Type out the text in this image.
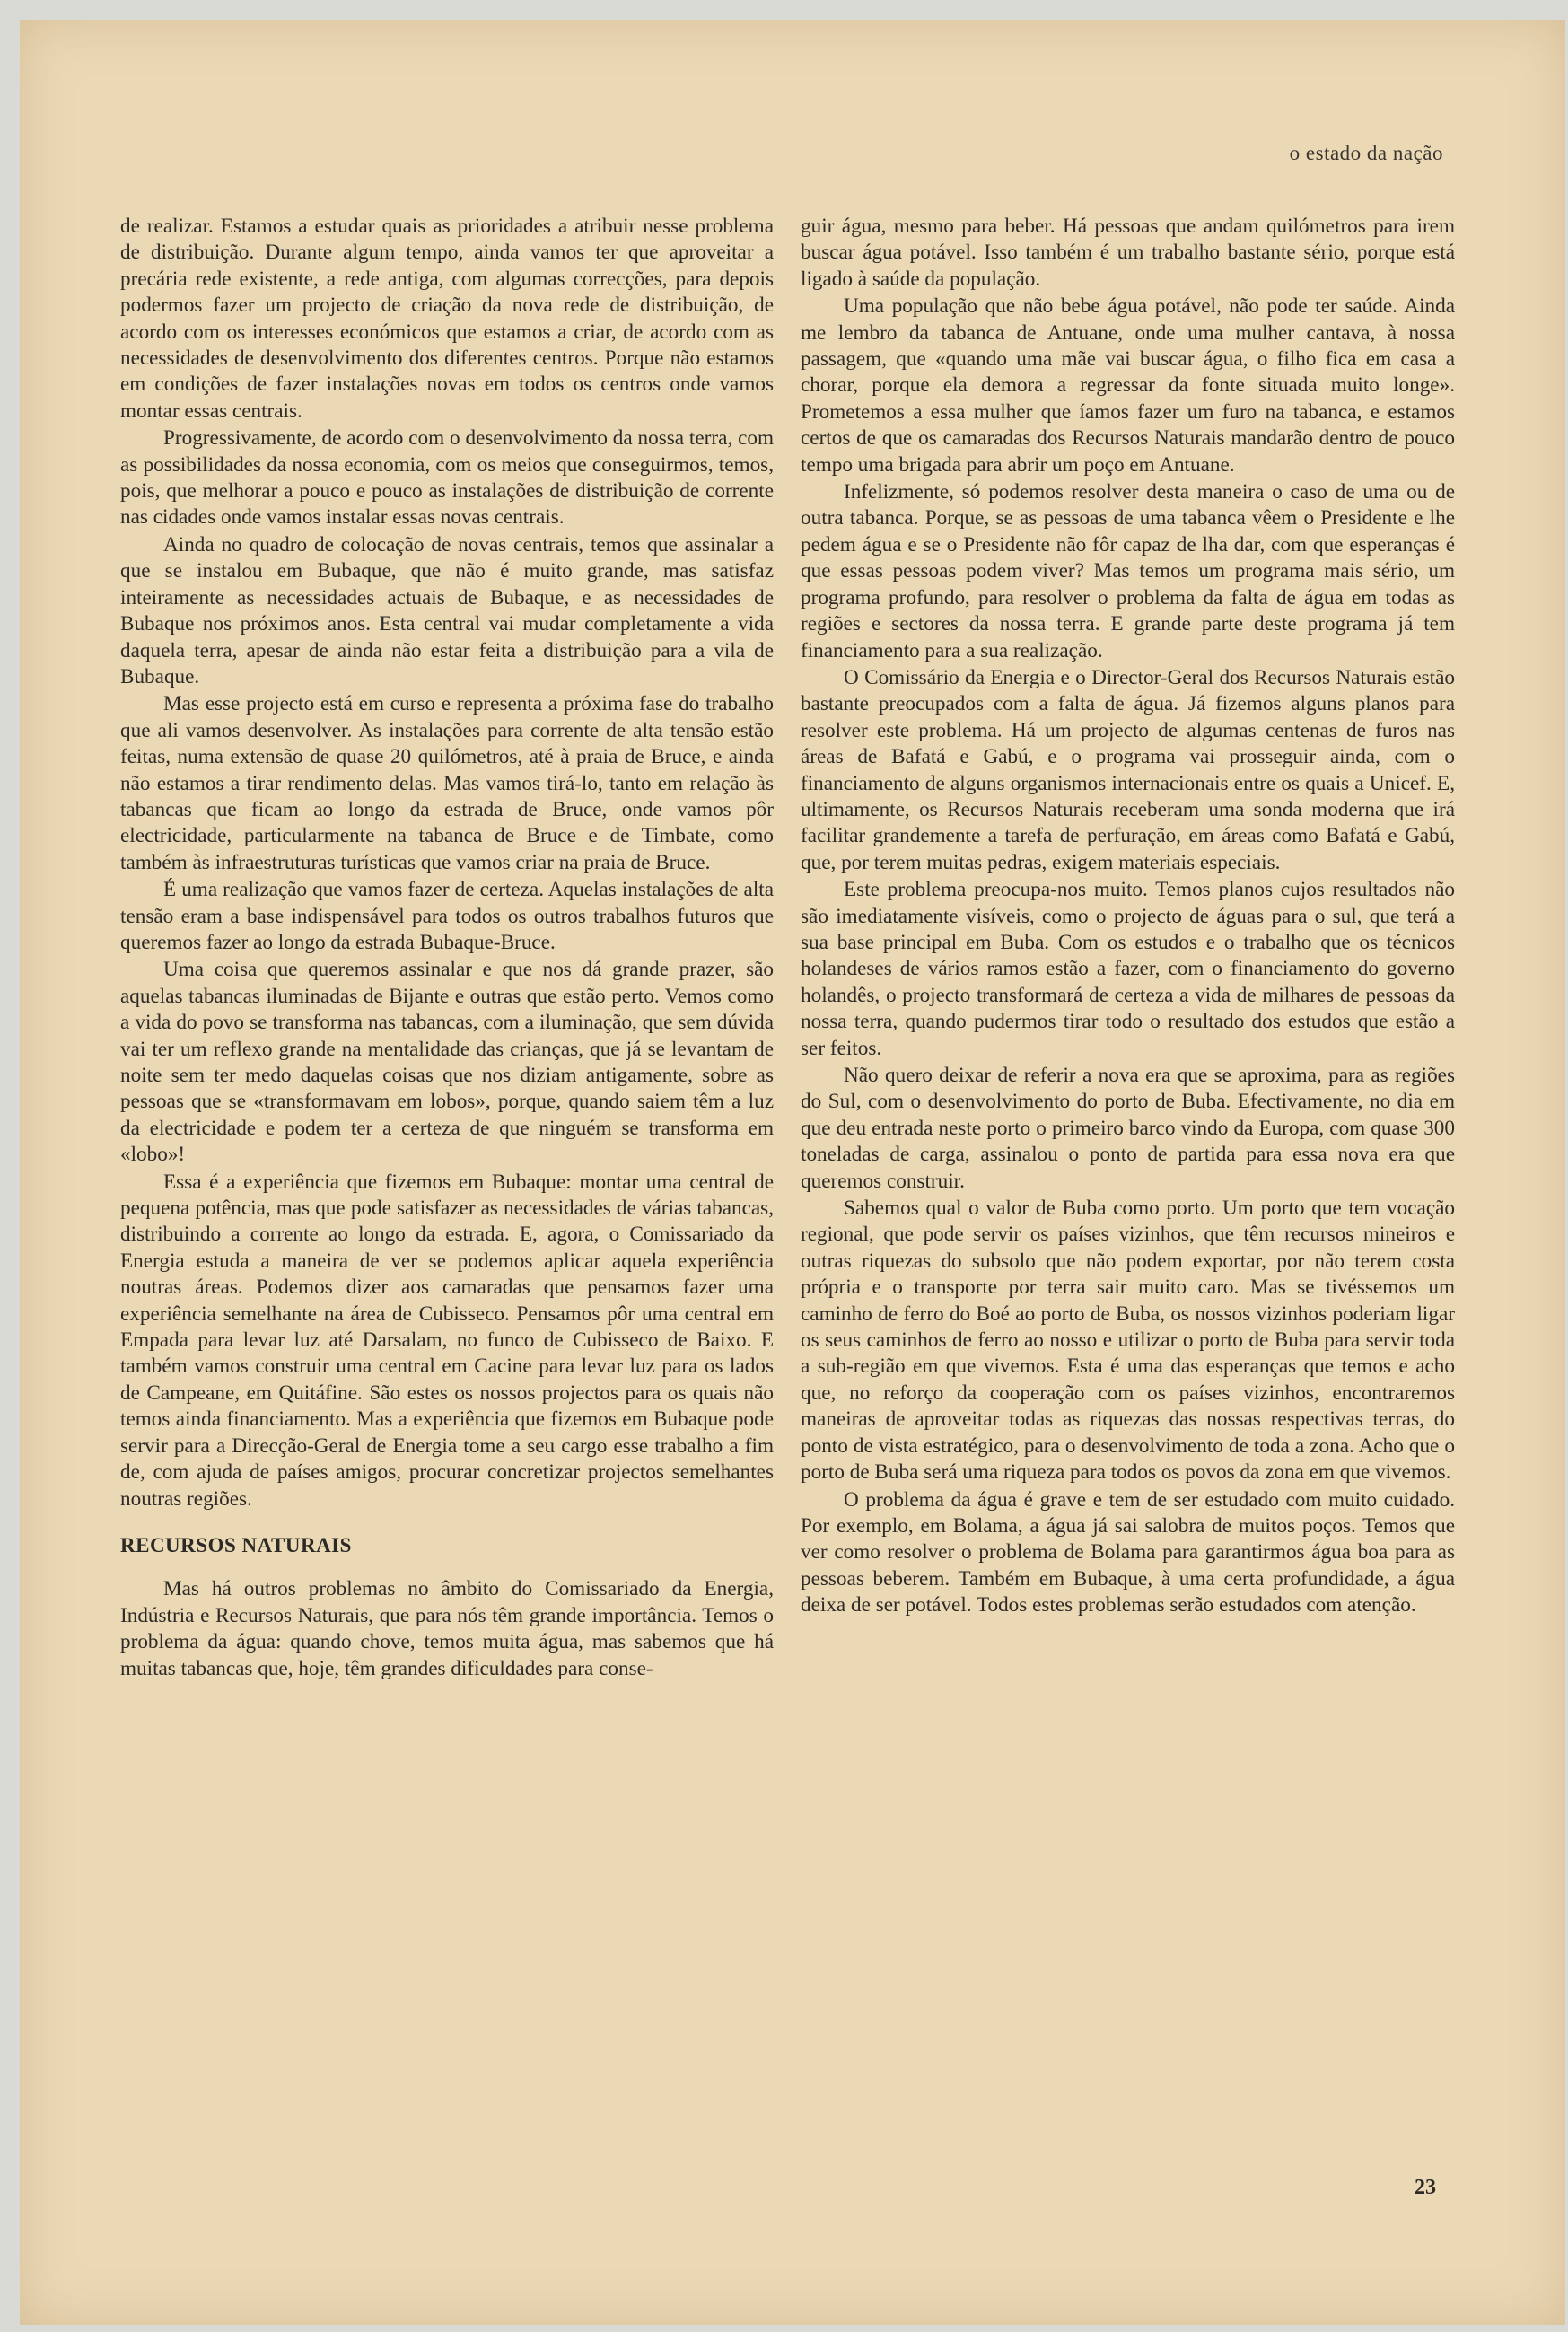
o estado da nação

de realizar. Estamos a estudar quais as prioridades a atribuir nesse problema de distribuição. Durante algum tempo, ainda vamos ter que aproveitar a precária rede existente, a rede antiga, com algumas correcções, para depois podermos fazer um projecto de criação da nova rede de distribuição, de acordo com os interesses económicos que estamos a criar, de acordo com as necessidades de desenvolvimento dos diferentes centros. Porque não estamos em condições de fazer instalações novas em todos os centros onde vamos montar essas centrais.

Progressivamente, de acordo com o desenvolvimento da nossa terra, com as possibilidades da nossa economia, com os meios que conseguirmos, temos, pois, que melhorar a pouco e pouco as instalações de distribuição de corrente nas cidades onde vamos instalar essas novas centrais.

Ainda no quadro de colocação de novas centrais, temos que assinalar a que se instalou em Bubaque, que não é muito grande, mas satisfaz inteiramente as necessidades actuais de Bubaque, e as necessidades de Bubaque nos próximos anos. Esta central vai mudar completamente a vida daquela terra, apesar de ainda não estar feita a distribuição para a vila de Bubaque.

Mas esse projecto está em curso e representa a próxima fase do trabalho que ali vamos desenvolver. As instalações para corrente de alta tensão estão feitas, numa extensão de quase 20 quilómetros, até à praia de Bruce, e ainda não estamos a tirar rendimento delas. Mas vamos tirá-lo, tanto em relação às tabancas que ficam ao longo da estrada de Bruce, onde vamos pôr electricidade, particularmente na tabanca de Bruce e de Timbate, como também às infraestruturas turísticas que vamos criar na praia de Bruce.

É uma realização que vamos fazer de certeza. Aquelas instalações de alta tensão eram a base indispensável para todos os outros trabalhos futuros que queremos fazer ao longo da estrada Bubaque-Bruce.

Uma coisa que queremos assinalar e que nos dá grande prazer, são aquelas tabancas iluminadas de Bijante e outras que estão perto. Vemos como a vida do povo se transforma nas tabancas, com a iluminação, que sem dúvida vai ter um reflexo grande na mentalidade das crianças, que já se levantam de noite sem ter medo daquelas coisas que nos diziam antigamente, sobre as pessoas que se «transformavam em lobos», porque, quando saiem têm a luz da electricidade e podem ter a certeza de que ninguém se transforma em «lobo»!

Essa é a experiência que fizemos em Bubaque: montar uma central de pequena potência, mas que pode satisfazer as necessidades de várias tabancas, distribuindo a corrente ao longo da estrada. E, agora, o Comissariado da Energia estuda a maneira de ver se podemos aplicar aquela experiência noutras áreas. Podemos dizer aos camaradas que pensamos fazer uma experiência semelhante na área de Cubisseco. Pensamos pôr uma central em Empada para levar luz até Darsalam, no funco de Cubisseco de Baixo. E também vamos construir uma central em Cacine para levar luz para os lados de Campeane, em Quitáfine. São estes os nossos projectos para os quais não temos ainda financiamento. Mas a experiência que fizemos em Bubaque pode servir para a Direcção-Geral de Energia tome a seu cargo esse trabalho a fim de, com ajuda de países amigos, procurar concretizar projectos semelhantes noutras regiões.

RECURSOS NATURAIS

Mas há outros problemas no âmbito do Comissariado da Energia, Indústria e Recursos Naturais, que para nós têm grande importância. Temos o problema da água: quando chove, temos muita água, mas sabemos que há muitas tabancas que, hoje, têm grandes dificuldades para conse-

guir água, mesmo para beber. Há pessoas que andam quilómetros para irem buscar água potável. Isso também é um trabalho bastante sério, porque está ligado à saúde da população.

Uma população que não bebe água potável, não pode ter saúde. Ainda me lembro da tabanca de Antuane, onde uma mulher cantava, à nossa passagem, que «quando uma mãe vai buscar água, o filho fica em casa a chorar, porque ela demora a regressar da fonte situada muito longe». Prometemos a essa mulher que íamos fazer um furo na tabanca, e estamos certos de que os camaradas dos Recursos Naturais mandarão dentro de pouco tempo uma brigada para abrir um poço em Antuane.

Infelizmente, só podemos resolver desta maneira o caso de uma ou de outra tabanca. Porque, se as pessoas de uma tabanca vêem o Presidente e lhe pedem água e se o Presidente não fôr capaz de lha dar, com que esperanças é que essas pessoas podem viver? Mas temos um programa mais sério, um programa profundo, para resolver o problema da falta de água em todas as regiões e sectores da nossa terra. E grande parte deste programa já tem financiamento para a sua realização.

O Comissário da Energia e o Director-Geral dos Recursos Naturais estão bastante preocupados com a falta de água. Já fizemos alguns planos para resolver este problema. Há um projecto de algumas centenas de furos nas áreas de Bafatá e Gabú, e o programa vai prosseguir ainda, com o financiamento de alguns organismos internacionais entre os quais a Unicef. E, ultimamente, os Recursos Naturais receberam uma sonda moderna que irá facilitar grandemente a tarefa de perfuração, em áreas como Bafatá e Gabú, que, por terem muitas pedras, exigem materiais especiais.

Este problema preocupa-nos muito. Temos planos cujos resultados não são imediatamente visíveis, como o projecto de águas para o sul, que terá a sua base principal em Buba. Com os estudos e o trabalho que os técnicos holandeses de vários ramos estão a fazer, com o financiamento do governo holandês, o projecto transformará de certeza a vida de milhares de pessoas da nossa terra, quando pudermos tirar todo o resultado dos estudos que estão a ser feitos.

Não quero deixar de referir a nova era que se aproxima, para as regiões do Sul, com o desenvolvimento do porto de Buba. Efectivamente, no dia em que deu entrada neste porto o primeiro barco vindo da Europa, com quase 300 toneladas de carga, assinalou o ponto de partida para essa nova era que queremos construir.

Sabemos qual o valor de Buba como porto. Um porto que tem vocação regional, que pode servir os países vizinhos, que têm recursos mineiros e outras riquezas do subsolo que não podem exportar, por não terem costa própria e o transporte por terra sair muito caro. Mas se tivéssemos um caminho de ferro do Boé ao porto de Buba, os nossos vizinhos poderiam ligar os seus caminhos de ferro ao nosso e utilizar o porto de Buba para servir toda a sub-região em que vivemos. Esta é uma das esperanças que temos e acho que, no reforço da cooperação com os países vizinhos, encontraremos maneiras de aproveitar todas as riquezas das nossas respectivas terras, do ponto de vista estratégico, para o desenvolvimento de toda a zona. Acho que o porto de Buba será uma riqueza para todos os povos da zona em que vivemos.

O problema da água é grave e tem de ser estudado com muito cuidado. Por exemplo, em Bolama, a água já sai salobra de muitos poços. Temos que ver como resolver o problema de Bolama para garantirmos água boa para as pessoas beberem. Também em Bubaque, à uma certa profundidade, a água deixa de ser potável. Todos estes problemas serão estudados com atenção.

23
